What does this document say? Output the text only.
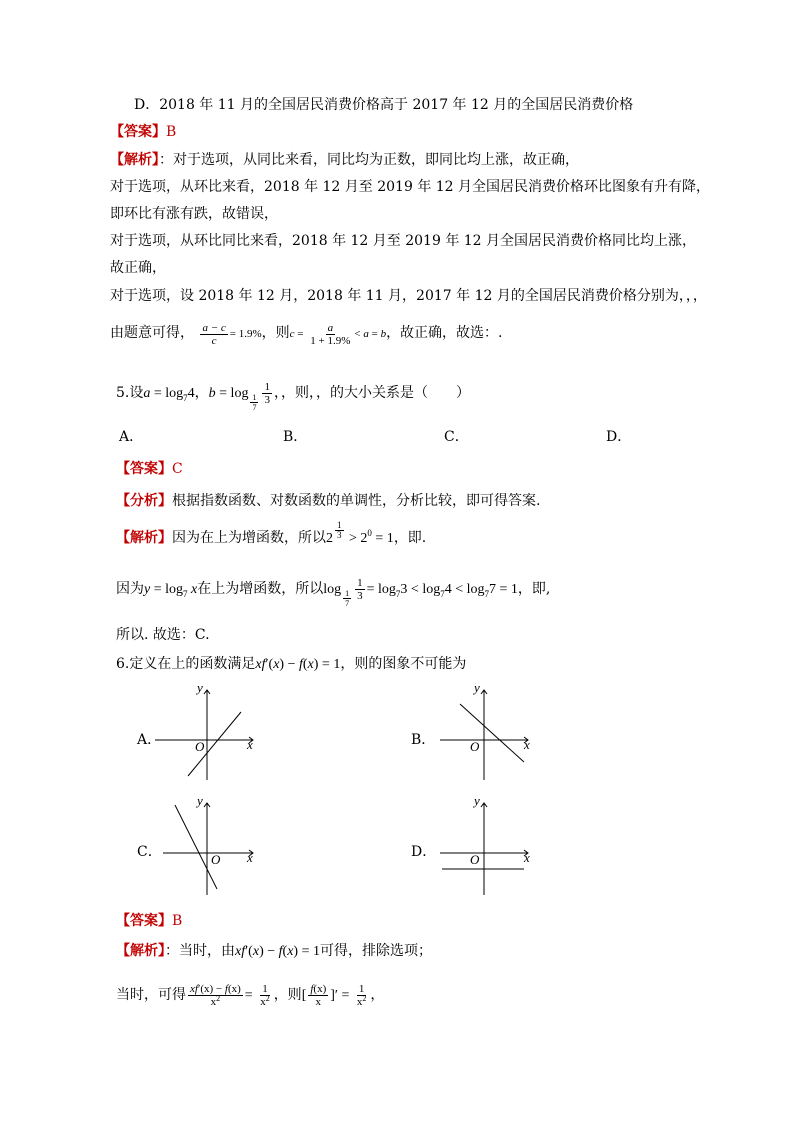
D．2018 年 11 月的全国居民消费价格高于 2017 年 12 月的全国居民消费价格
【答案】B
【解析】：对于选项，从同比来看，同比均为正数，即同比均上涨，故正确，
对于选项，从环比来看，2018 年 12 月至 2019 年 12 月全国居民消费价格环比图象有升有降，
即环比有涨有跌，故错误，
对于选项，从环比同比来看，2018 年 12 月至 2019 年 12 月全国居民消费价格同比均上涨，
故正确，
对于选项，设 2018 年 12 月，2018 年 11 月，2017 年 12 月的全国居民消费价格分别为，，，
由题意可得， $\frac{a - c}{c} = 1.9\%$，则$c = \frac{a}{1 + 1.9\%} < a = b$，故正确，故选：.
5.设$a = \log_74$，$b = \log \frac{1}{7} \frac{1}{3}$ ，，则，，的大小关系是（　　）
A．	B．	C．	D．
【答案】C
【分析】根据指数函数、对数函数的单调性，分析比较，即可得答案.
【解析】因为在上为增函数，所以$2 \frac{1}{3} > 2^0 = 1$，即.
因为$y = \log_7 x$在上为增函数，所以$\log \frac{1}{7} \frac{1}{3} = \log_73 < \log_74 < \log_77 = 1$，即,
所以. 故选：C.
6.定义在上的函数满足xf′(x) − f(x) = 1，则的图象不可能为
A．	B．
C．	D．
O	x
y
O	x
y
O x
y
O	x
y
【答案】B
【解析】：当时，由xf′(x) − f(x) = 1可得，排除选项；
当时，可得 $\frac{xf'(x) - f(x)}{x^2} = \frac{1}{x^2}$ ，则[ $\frac{f(x)}{x}$ ]′ = $\frac{1}{x^2}$ ，
